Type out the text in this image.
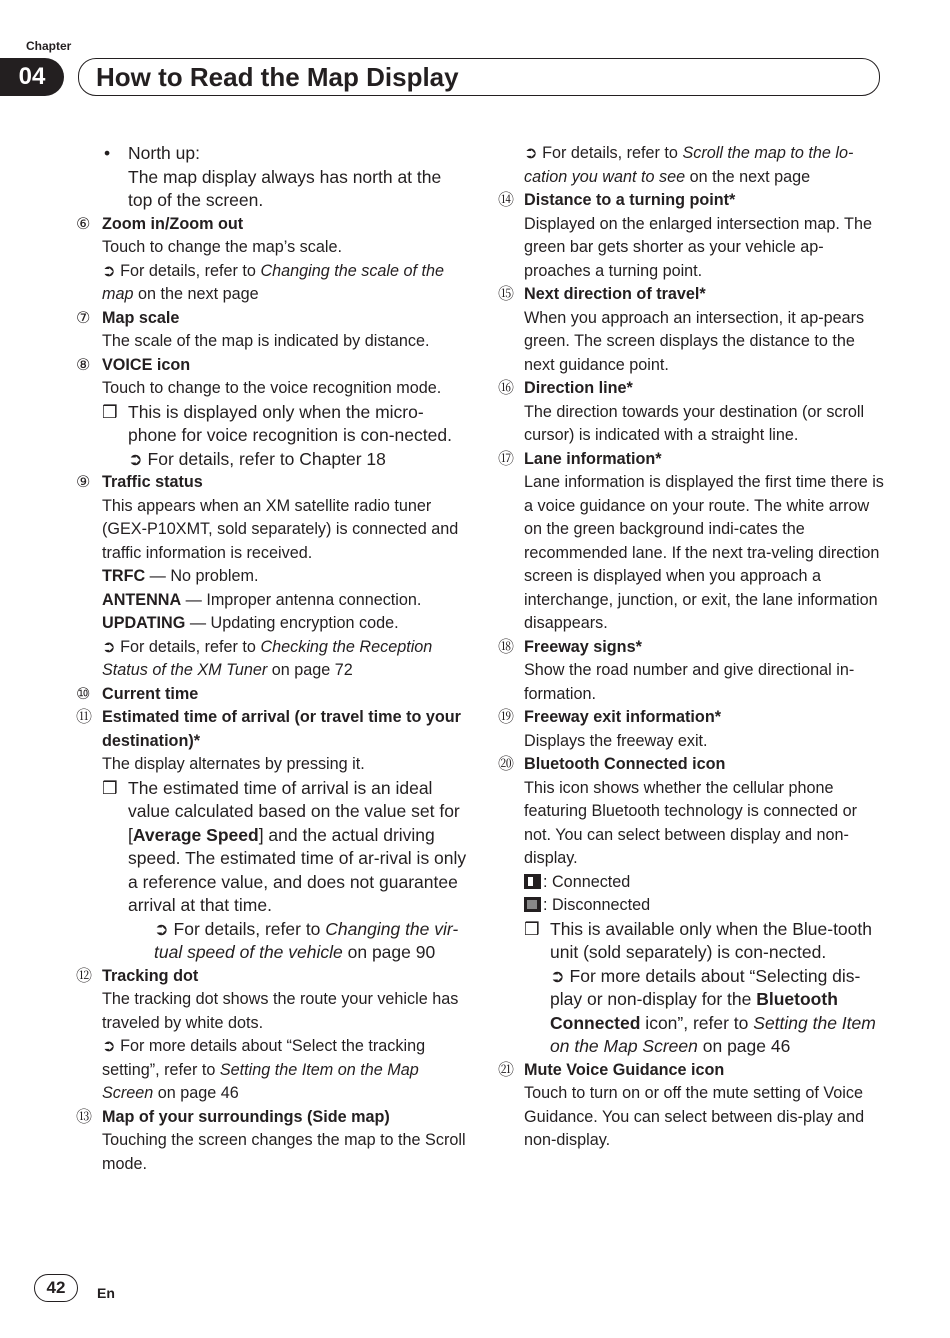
Chapter
04	How to Read the Map Display
• North up:
The map display always has north at the
top of the screen.
⑥ Zoom in/Zoom out
Touch to change the map’s scale.
➲ For details, refer to Changing the scale of the map on the next page
⑦ Map scale
The scale of the map is indicated by distance.
⑧ VOICE icon
Touch to change to the voice recognition mode.
❒ This is displayed only when the micro-phone for voice recognition is con-nected.
➲ For details, refer to Chapter 18
⑨ Traffic status
This appears when an XM satellite radio tuner (GEX-P10XMT, sold separately) is connected and traffic information is received.
TRFC — No problem.
ANTENNA — Improper antenna connection.
UPDATING — Updating encryption code.
➲ For details, refer to Checking the Reception Status of the XM Tuner on page 72
⑩ Current time
⑪ Estimated time of arrival (or travel time to your destination)*
The display alternates by pressing it.
❒ The estimated time of arrival is an ideal value calculated based on the value set for [Average Speed] and the actual driving speed. The estimated time of ar-rival is only a reference value, and does not guarantee arrival at that time.
➲ For details, refer to Changing the vir-tual speed of the vehicle on page 90
⑫ Tracking dot
The tracking dot shows the route your vehicle has traveled by white dots.
➲ For more details about “Select the tracking setting”, refer to Setting the Item on the Map Screen on page 46
⑬ Map of your surroundings (Side map)
Touching the screen changes the map to the Scroll mode.
➲ For details, refer to Scroll the map to the lo-cation you want to see on the next page
⑭ Distance to a turning point*
Displayed on the enlarged intersection map. The green bar gets shorter as your vehicle ap-proaches a turning point.
⑮ Next direction of travel*
When you approach an intersection, it ap-pears green. The screen displays the distance to the next guidance point.
⑯ Direction line*
The direction towards your destination (or scroll cursor) is indicated with a straight line.
⑰ Lane information*
Lane information is displayed the first time there is a voice guidance on your route. The white arrow on the green background indi-cates the recommended lane. If the next tra-veling direction screen is displayed when you approach a interchange, junction, or exit, the lane information disappears.
⑱ Freeway signs*
Show the road number and give directional in-formation.
⑲ Freeway exit information*
Displays the freeway exit.
⑳ Bluetooth Connected icon
This icon shows whether the cellular phone featuring Bluetooth technology is connected or not. You can select between display and non-display.
: Connected
: Disconnected
❒ This is available only when the Blue-tooth unit (sold separately) is con-nected.
➲ For more details about “Selecting dis-play or non-display for the Bluetooth Connected icon”, refer to Setting the Item on the Map Screen on page 46
㉑ Mute Voice Guidance icon
Touch to turn on or off the mute setting of Voice Guidance. You can select between dis-play and non-display.
42	En
